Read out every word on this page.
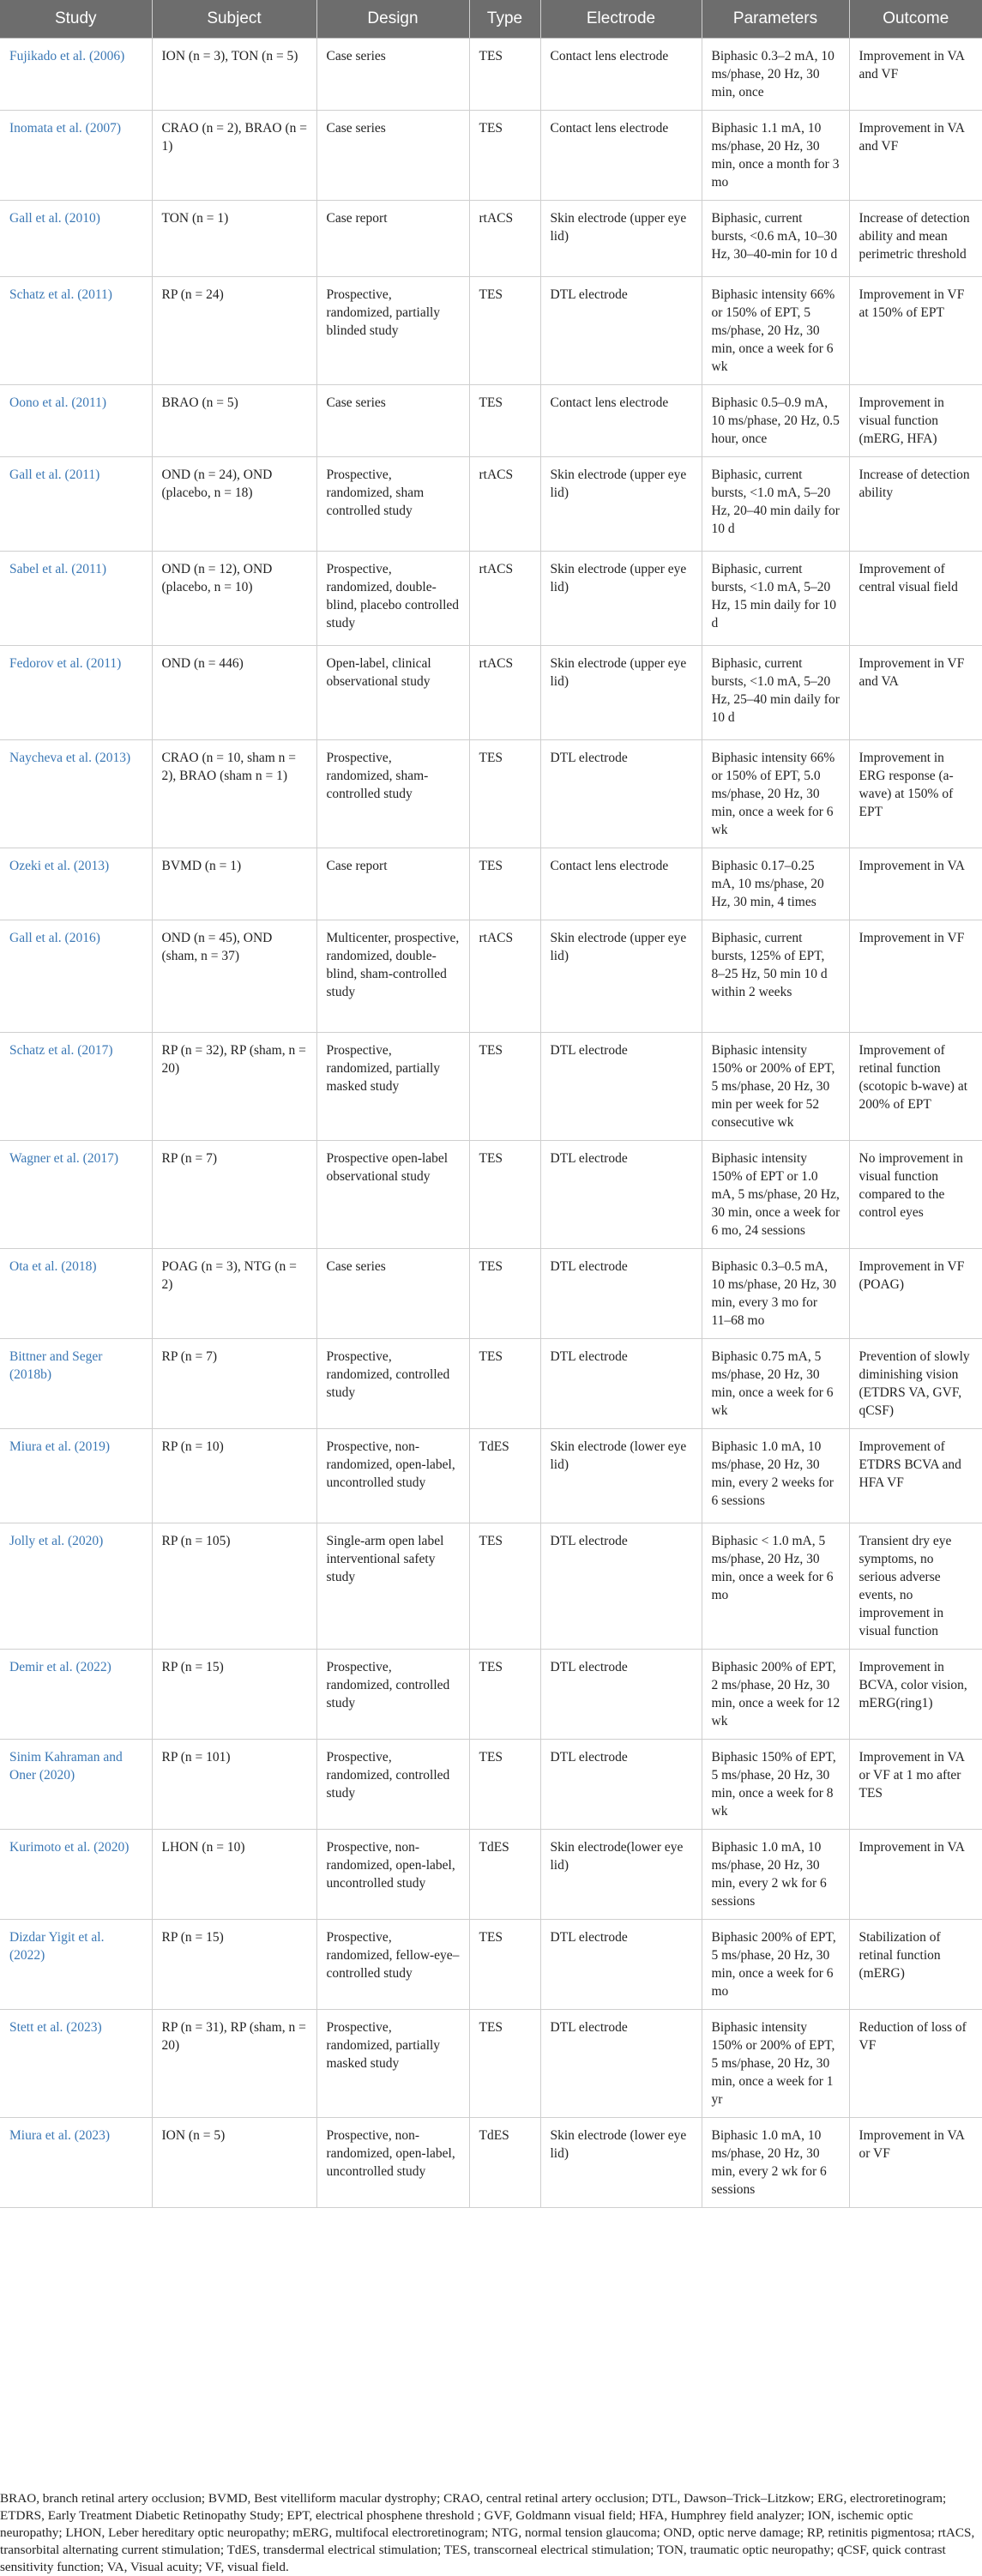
Study	Subject	Design	Type	Electrode	Parameters	Outcome
Fujikado et al. (2006)	ION (n = 3), TON (n = 5)	Case series	TES	Contact lens electrode	Biphasic 0.3–2 mA, 10 ms/phase, 20 Hz, 30 min, once	Improvement in VA and VF
Inomata et al. (2007)	CRAO (n = 2), BRAO (n = 1)	Case series	TES	Contact lens electrode	Biphasic 1.1 mA, 10 ms/phase, 20 Hz, 30 min, once a month for 3 mo	Improvement in VA and VF
Gall et al. (2010)	TON (n = 1)	Case report	rtACS	Skin electrode (upper eye lid)	Biphasic, current bursts, <0.6 mA, 10–30 Hz, 30–40-min for 10 d	Increase of detection ability and mean perimetric threshold
Schatz et al. (2011)	RP (n = 24)	Prospective, randomized, partially blinded study	TES	DTL electrode	Biphasic intensity 66% or 150% of EPT, 5 ms/phase, 20 Hz, 30 min, once a week for 6 wk	Improvement in VF at 150% of EPT
Oono et al. (2011)	BRAO (n = 5)	Case series	TES	Contact lens electrode	Biphasic 0.5–0.9 mA, 10 ms/phase, 20 Hz, 0.5 hour, once	Improvement in visual function (mERG, HFA)
Gall et al. (2011)	OND (n = 24), OND (placebo, n = 18)	Prospective, randomized, sham controlled study	rtACS	Skin electrode (upper eye lid)	Biphasic, current bursts, <1.0 mA, 5–20 Hz, 20–40 min daily for 10 d	Increase of detection ability
Sabel et al. (2011)	OND (n = 12), OND (placebo, n = 10)	Prospective, randomized, double-blind, placebo controlled study	rtACS	Skin electrode (upper eye lid)	Biphasic, current bursts, <1.0 mA, 5–20 Hz, 15 min daily for 10 d	Improvement of central visual field
Fedorov et al. (2011)	OND (n = 446)	Open-label, clinical observational study	rtACS	Skin electrode (upper eye lid)	Biphasic, current bursts, <1.0 mA, 5–20 Hz, 25–40 min daily for 10 d	Improvement in VF and VA
Naycheva et al. (2013)	CRAO (n = 10, sham n = 2), BRAO (sham n = 1)	Prospective, randomized, sham-controlled study	TES	DTL electrode	Biphasic intensity 66% or 150% of EPT, 5.0 ms/phase, 20 Hz, 30 min, once a week for 6 wk	Improvement in ERG response (a-wave) at 150% of EPT
Ozeki et al. (2013)	BVMD (n = 1)	Case report	TES	Contact lens electrode	Biphasic 0.17–0.25 mA, 10 ms/phase, 20 Hz, 30 min, 4 times	Improvement in VA
Gall et al. (2016)	OND (n = 45), OND (sham, n = 37)	Multicenter, prospective, randomized, double-blind, sham-controlled study	rtACS	Skin electrode (upper eye lid)	Biphasic, current bursts, 125% of EPT, 8–25 Hz, 50 min 10 d within 2 weeks	Improvement in VF
Schatz et al. (2017)	RP (n = 32), RP (sham, n = 20)	Prospective, randomized, partially masked study	TES	DTL electrode	Biphasic intensity 150% or 200% of EPT, 5 ms/phase, 20 Hz, 30 min per week for 52 consecutive wk	Improvement of retinal function (scotopic b-wave) at 200% of EPT
Wagner et al. (2017)	RP (n = 7)	Prospective open-label observational study	TES	DTL electrode	Biphasic intensity 150% of EPT or 1.0 mA, 5 ms/phase, 20 Hz, 30 min, once a week for 6 mo, 24 sessions	No improvement in visual function compared to the control eyes
Ota et al. (2018)	POAG (n = 3), NTG (n = 2)	Case series	TES	DTL electrode	Biphasic 0.3–0.5 mA, 10 ms/phase, 20 Hz, 30 min, every 3 mo for 11–68 mo	Improvement in VF (POAG)
Bittner and Seger (2018b)	RP (n = 7)	Prospective, randomized, controlled study	TES	DTL electrode	Biphasic 0.75 mA, 5 ms/phase, 20 Hz, 30 min, once a week for 6 wk	Prevention of slowly diminishing vision (ETDRS VA, GVF, qCSF)
Miura et al. (2019)	RP (n = 10)	Prospective, non-randomized, open-label, uncontrolled study	TdES	Skin electrode (lower eye lid)	Biphasic 1.0 mA, 10 ms/phase, 20 Hz, 30 min, every 2 weeks for 6 sessions	Improvement of ETDRS BCVA and HFA VF
Jolly et al. (2020)	RP (n = 105)	Single-arm open label interventional safety study	TES	DTL electrode	Biphasic < 1.0 mA, 5 ms/phase, 20 Hz, 30 min, once a week for 6 mo	Transient dry eye symptoms, no serious adverse events, no improvement in visual function
Demir et al. (2022)	RP (n = 15)	Prospective, randomized, controlled study	TES	DTL electrode	Biphasic 200% of EPT, 2 ms/phase, 20 Hz, 30 min, once a week for 12 wk	Improvement in BCVA, color vision, mERG(ring1)
Sinim Kahraman and Oner (2020)	RP (n = 101)	Prospective, randomized, controlled study	TES	DTL electrode	Biphasic 150% of EPT, 5 ms/phase, 20 Hz, 30 min, once a week for 8 wk	Improvement in VA or VF at 1 mo after TES
Kurimoto et al. (2020)	LHON (n = 10)	Prospective, non-randomized, open-label, uncontrolled study	TdES	Skin electrode(lower eye lid)	Biphasic 1.0 mA, 10 ms/phase, 20 Hz, 30 min, every 2 wk for 6 sessions	Improvement in VA
Dizdar Yigit et al. (2022)	RP (n = 15)	Prospective, randomized, fellow-eye–controlled study	TES	DTL electrode	Biphasic 200% of EPT, 5 ms/phase, 20 Hz, 30 min, once a week for 6 mo	Stabilization of retinal function (mERG)
Stett et al. (2023)	RP (n = 31), RP (sham, n = 20)	Prospective, randomized, partially masked study	TES	DTL electrode	Biphasic intensity 150% or 200% of EPT, 5 ms/phase, 20 Hz, 30 min, once a week for 1 yr	Reduction of loss of VF
Miura et al. (2023)	ION (n = 5)	Prospective, non-randomized, open-label, uncontrolled study	TdES	Skin electrode (lower eye lid)	Biphasic 1.0 mA, 10 ms/phase, 20 Hz, 30 min, every 2 wk for 6 sessions	Improvement in VA or VF
BRAO, branch retinal artery occlusion; BVMD, Best vitelliform macular dystrophy; CRAO, central retinal artery occlusion; DTL, Dawson–Trick–Litzkow; ERG, electroretinogram; ETDRS, Early Treatment Diabetic Retinopathy Study; EPT, electrical phosphene threshold ; GVF, Goldmann visual field; HFA, Humphrey field analyzer; ION, ischemic optic neuropathy; LHON, Leber hereditary optic neuropathy; mERG, multifocal electroretinogram; NTG, normal tension glaucoma; OND, optic nerve damage; RP, retinitis pigmentosa; rtACS, transorbital alternating current stimulation; TdES, transdermal electrical stimulation; TES, transcorneal electrical stimulation; TON, traumatic optic neuropathy; qCSF, quick contrast sensitivity function; VA, Visual acuity; VF, visual field.
